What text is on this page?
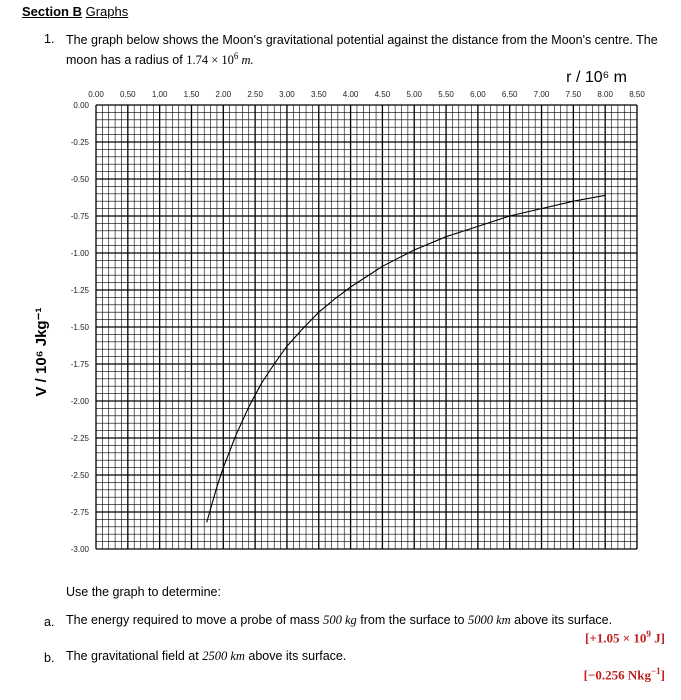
Section B Graphs
1. The graph below shows the Moon's gravitational potential against the distance from the Moon's centre. The
moon has a radius of $1.74 \times 10^6$ m.
0.00 0.50 1.00 1.50 2.00 2.50 3.00 3.50 4.00 4.50 5.00 5.50 6.00 6.50 7.00 7.50 8.00 8.50
0.00
-0.25
-0.50
-0.75
-1.00
-1.25
-1.50
-1.75
-2.00
-2.25
-2.50
-2.75
-3.00
r / 10⁶ m
V / 10⁶ Jkg⁻¹
Use the graph to determine:
a. The energy required to move a probe of mass 500 kg from the surface to 5000 km above its surface.
[$+1.05 \times 10^9$ J]
b. The gravitational field at 2500 km above its surface.
[−0.256 Nkg$^{-1}$]
